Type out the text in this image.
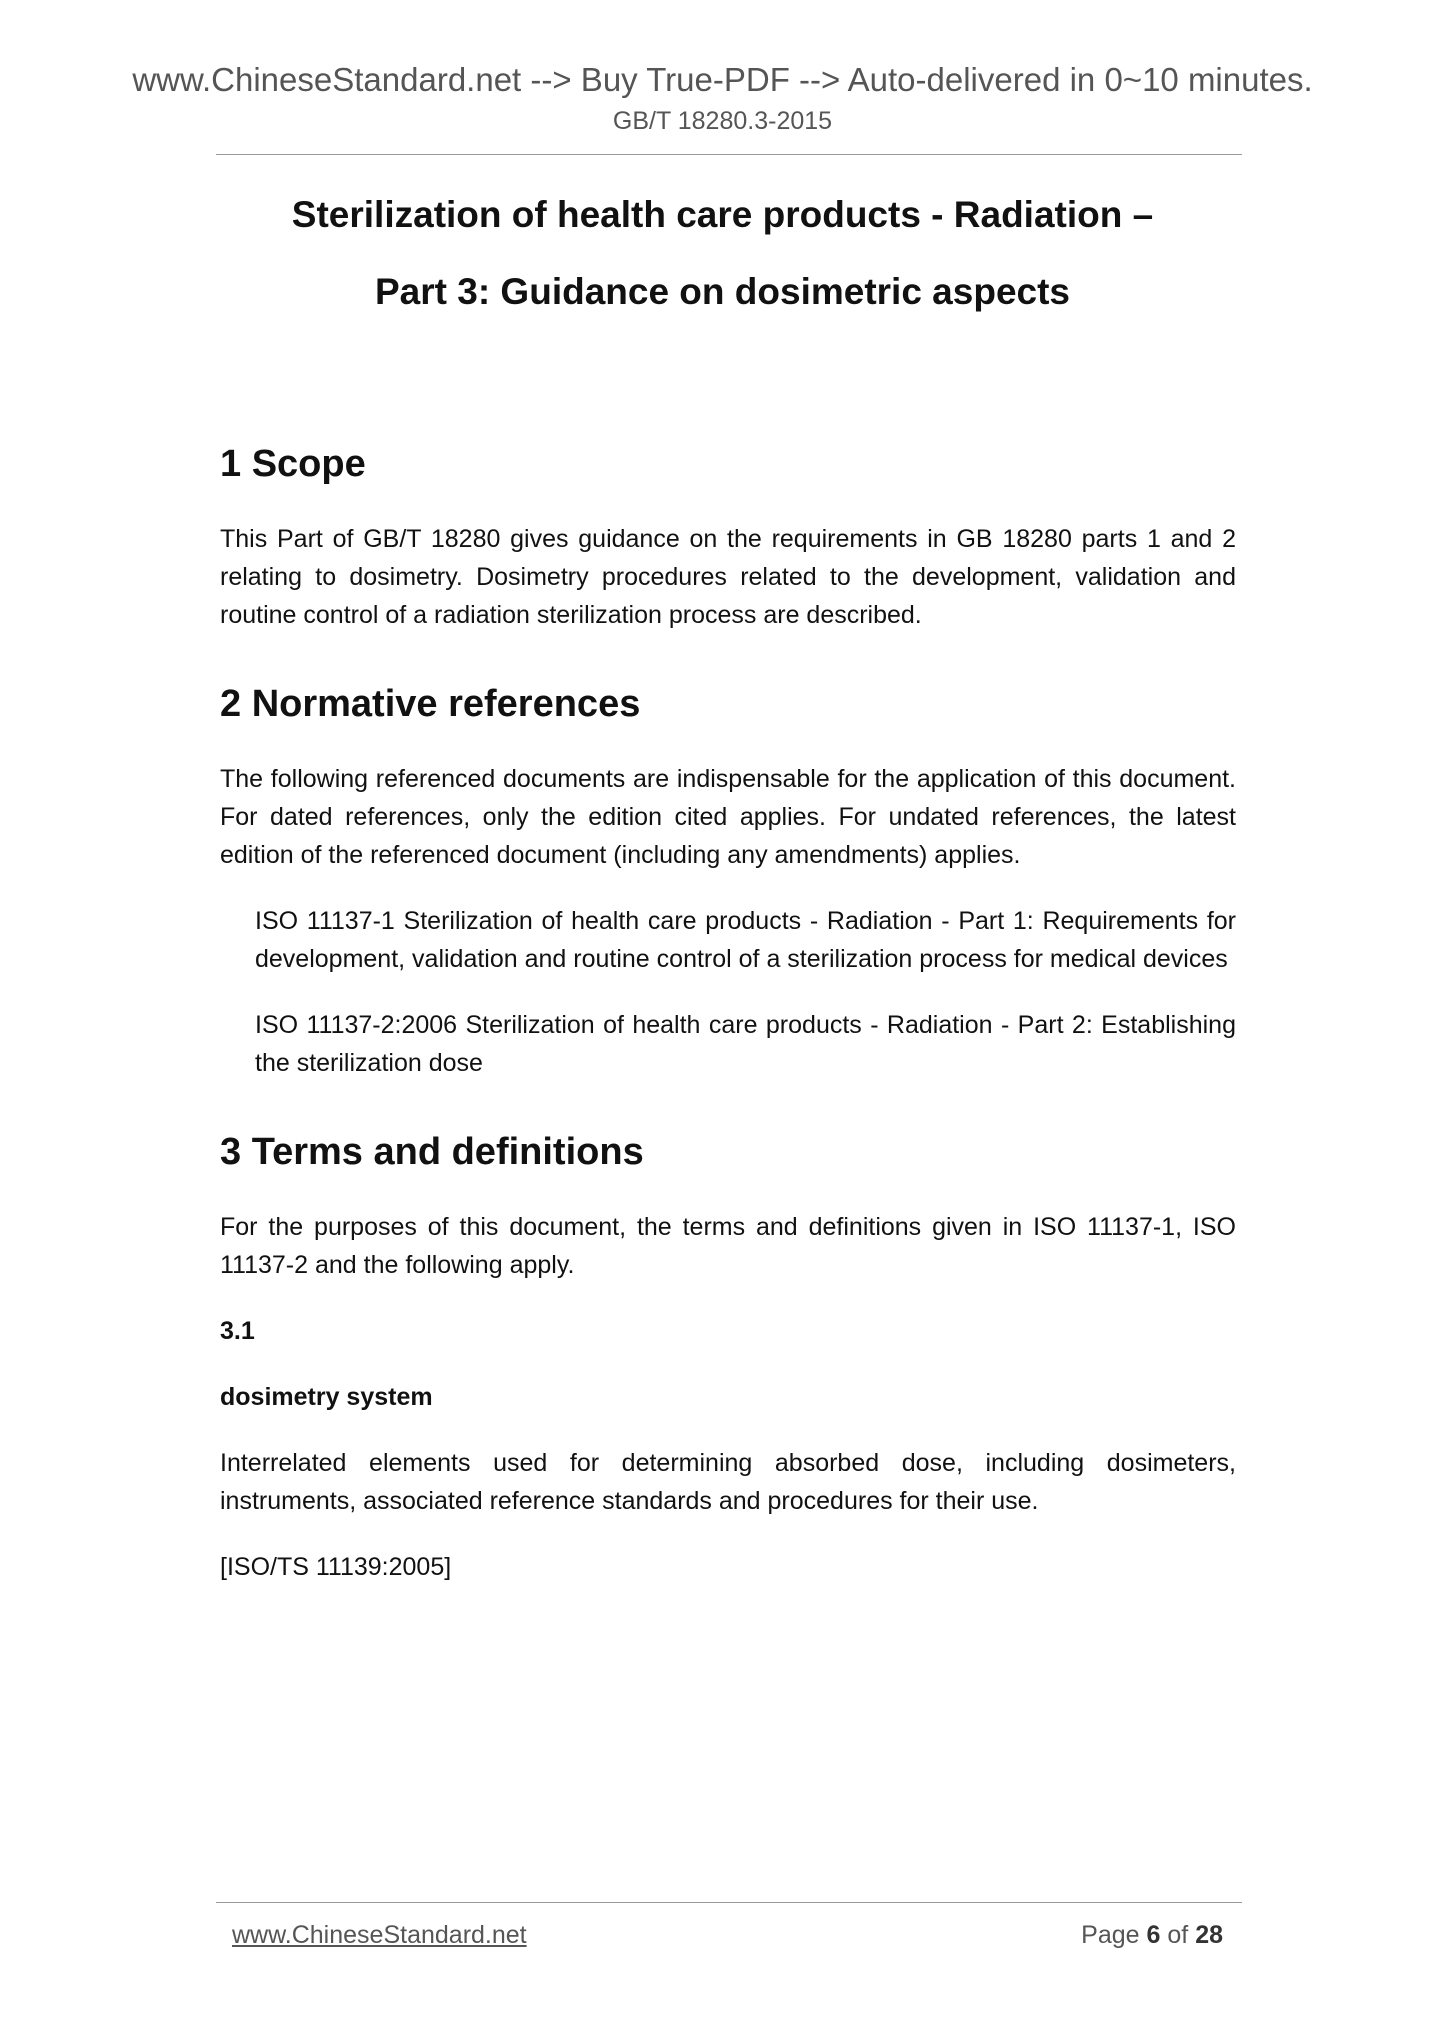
www.ChineseStandard.net --> Buy True-PDF --> Auto-delivered in 0~10 minutes.
GB/T 18280.3-2015
Sterilization of health care products - Radiation –
Part 3: Guidance on dosimetric aspects
1 Scope

This Part of GB/T 18280 gives guidance on the requirements in GB 18280 parts 1 and 2 relating to dosimetry. Dosimetry procedures related to the development, validation and routine control of a radiation sterilization process are described.

2 Normative references

The following referenced documents are indispensable for the application of this document. For dated references, only the edition cited applies. For undated references, the latest edition of the referenced document (including any amendments) applies.

ISO 11137-1 Sterilization of health care products - Radiation - Part 1: Requirements for development, validation and routine control of a sterilization process for medical devices

ISO 11137-2:2006 Sterilization of health care products - Radiation - Part 2: Establishing the sterilization dose

3 Terms and definitions

For the purposes of this document, the terms and definitions given in ISO 11137-1, ISO 11137-2 and the following apply.

3.1

dosimetry system

Interrelated elements used for determining absorbed dose, including dosimeters, instruments, associated reference standards and procedures for their use.

[ISO/TS 11139:2005]

www.ChineseStandard.net	Page 6 of 28
